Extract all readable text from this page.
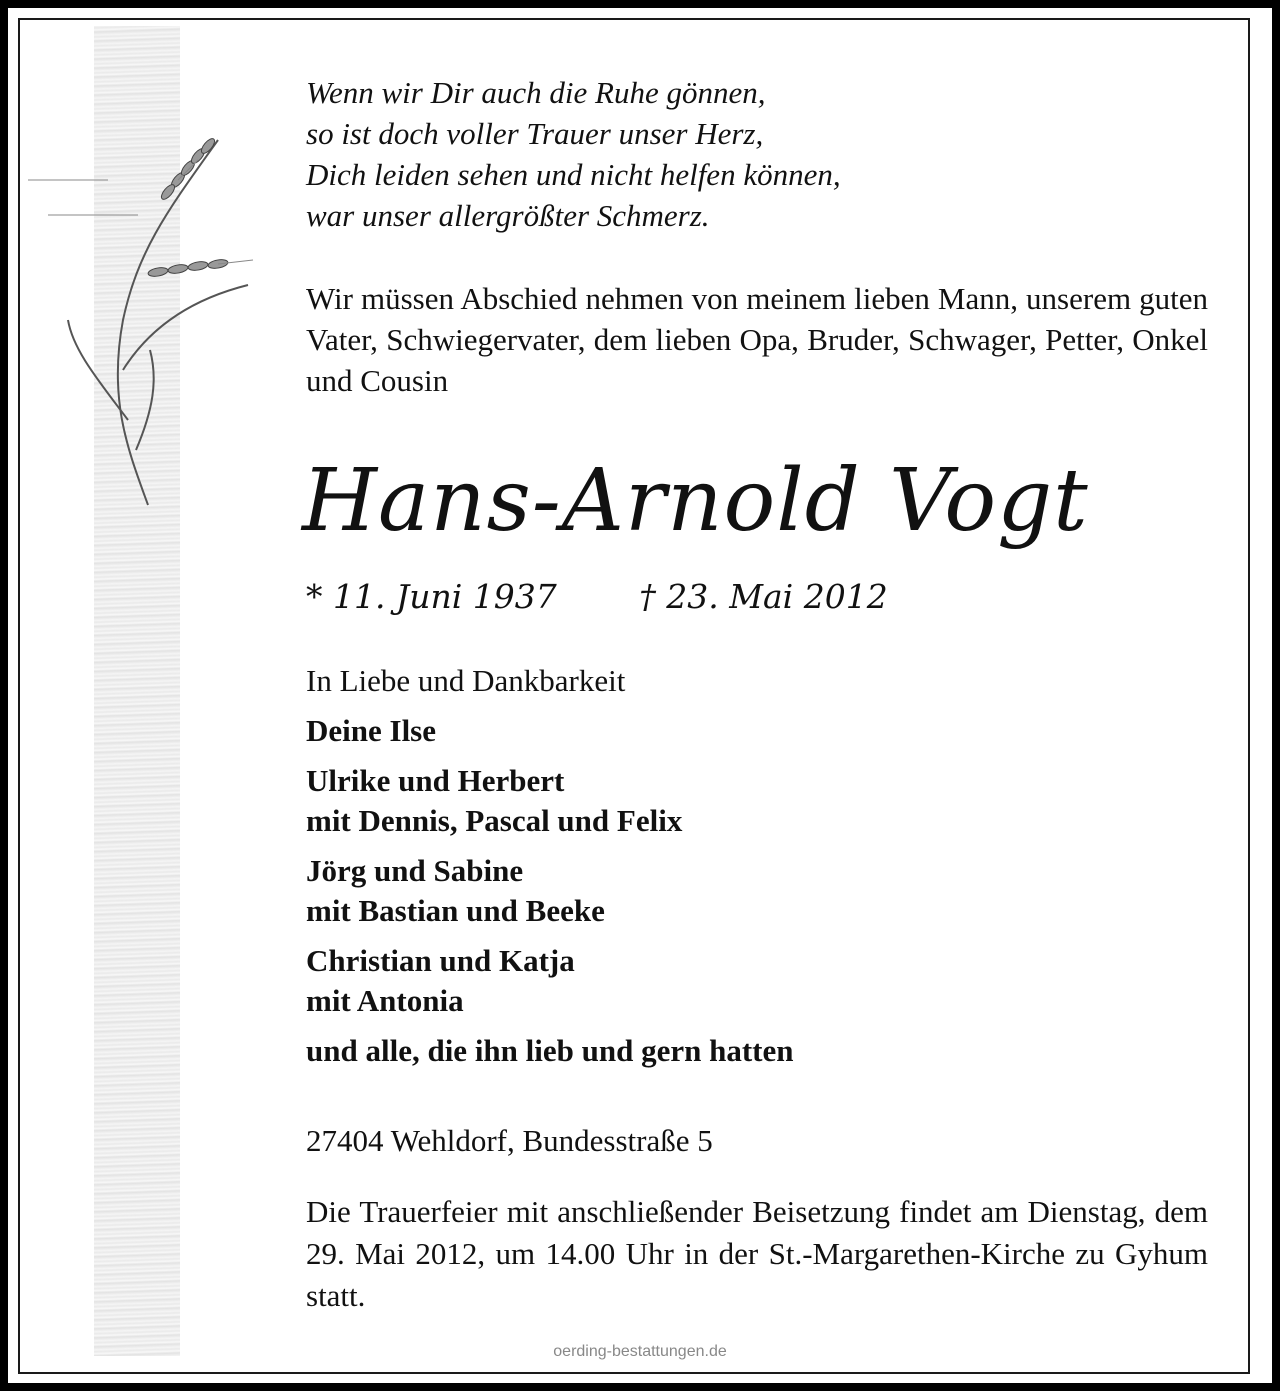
Wenn wir Dir auch die Ruhe gönnen,
so ist doch voller Trauer unser Herz,
Dich leiden sehen und nicht helfen können,
war unser allergrößter Schmerz.
Wir müssen Abschied nehmen von meinem lieben Mann, unserem guten Vater, Schwiegervater, dem lieben Opa, Bruder, Schwager, Petter, Onkel und Cousin
Hans-Arnold Vogt
* 11. Juni 1937	† 23. Mai 2012
In Liebe und Dankbarkeit
Deine Ilse
Ulrike und Herbert
mit Dennis, Pascal und Felix
Jörg und Sabine
mit Bastian und Beeke
Christian und Katja
mit Antonia
und alle, die ihn lieb und gern hatten
27404 Wehldorf, Bundesstraße 5
Die Trauerfeier mit anschließender Beisetzung findet am Dienstag, dem 29. Mai 2012, um 14.00 Uhr in der St.-Margarethen-Kirche zu Gyhum statt.
oerding-bestattungen.de
